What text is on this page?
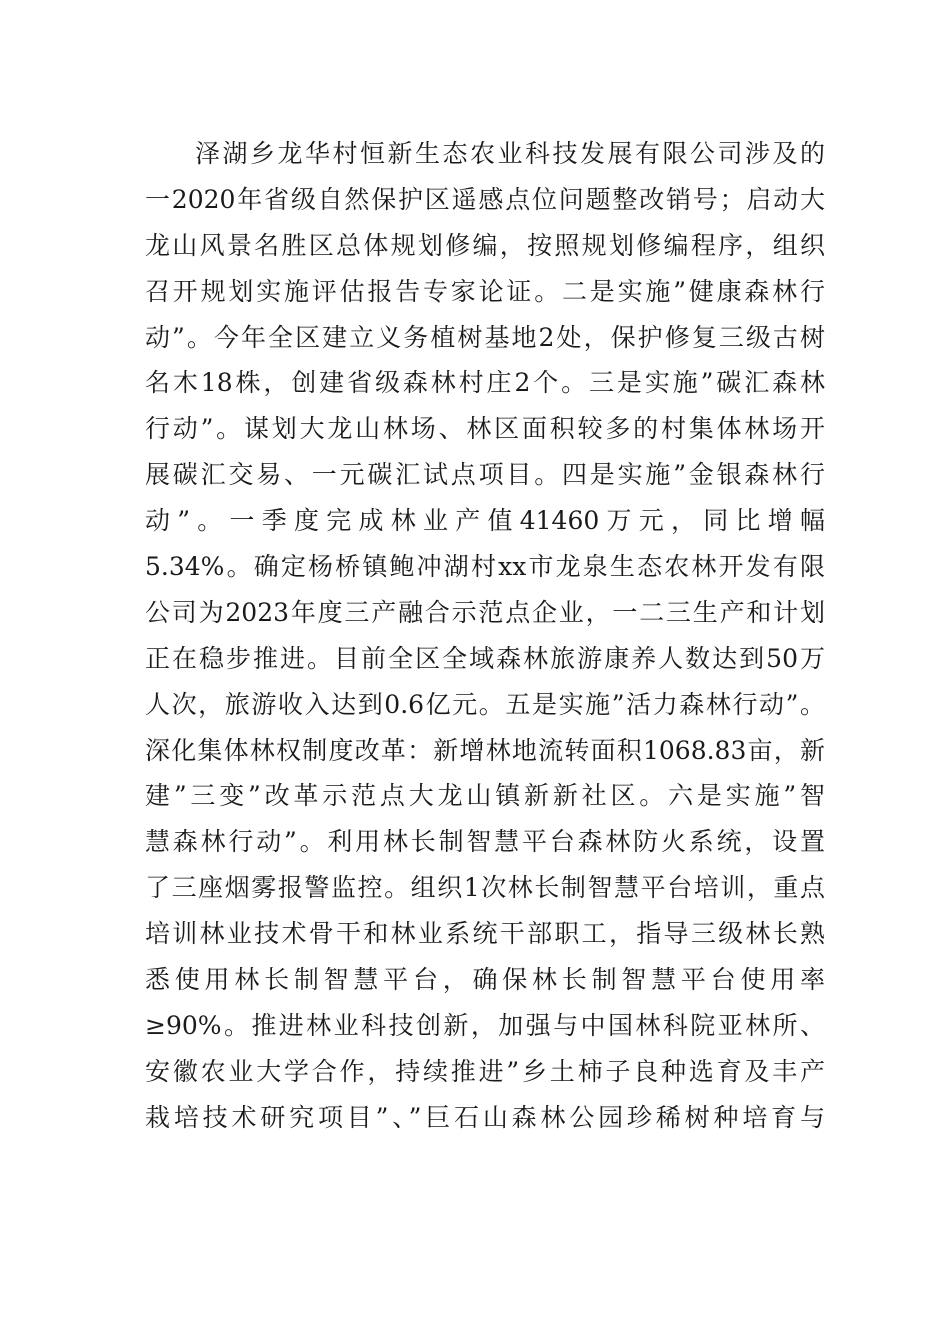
泽湖乡龙华村恒新生态农业科技发展有限公司涉及的
一2020年省级自然保护区遥感点位问题整改销号；启动大
龙山风景名胜区总体规划修编，按照规划修编程序，组织
召开规划实施评估报告专家论证。二是实施”健康森林行
动”。今年全区建立义务植树基地2处，保护修复三级古树
名木18株，创建省级森林村庄2个。三是实施”碳汇森林
行动”。谋划大龙山林场、林区面积较多的村集体林场开
展碳汇交易、一元碳汇试点项目。四是实施”金银森林行
动”。一季度完成林业产值41460万元，同比增幅
5.34%。确定杨桥镇鲍冲湖村xx市龙泉生态农林开发有限
公司为2023年度三产融合示范点企业，一二三生产和计划
正在稳步推进。目前全区全域森林旅游康养人数达到50万
人次，旅游收入达到0.6亿元。五是实施”活力森林行动”。
深化集体林权制度改革：新增林地流转面积1068.83亩，新
建”三变”改革示范点大龙山镇新新社区。六是实施”智
慧森林行动”。利用林长制智慧平台森林防火系统，设置
了三座烟雾报警监控。组织1次林长制智慧平台培训，重点
培训林业技术骨干和林业系统干部职工，指导三级林长熟
悉使用林长制智慧平台，确保林长制智慧平台使用率
≥90%。推进林业科技创新，加强与中国林科院亚林所、
安徽农业大学合作，持续推进”乡土柿子良种选育及丰产
栽培技术研究项目”、”巨石山森林公园珍稀树种培育与
